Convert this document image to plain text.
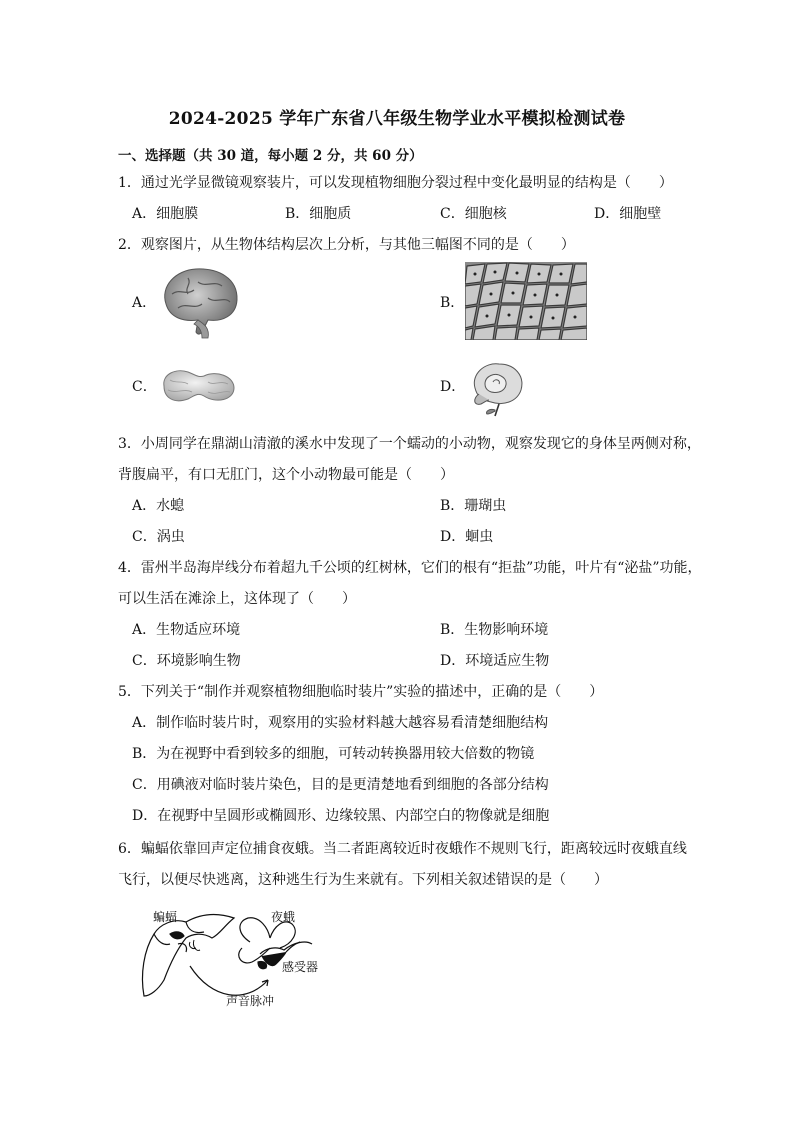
2024-2025 学年广东省八年级生物学业水平模拟检测试卷
一、选择题（共 30 道，每小题 2 分，共 60 分）
1．通过光学显微镜观察装片，可以发现植物细胞分裂过程中变化最明显的结构是（　　）
A．细胞膜	B．细胞质	C．细胞核	D．细胞壁
2．观察图片，从生物体结构层次上分析，与其他三幅图不同的是（　　）
A．	B．
C．	D．
3．小周同学在鼎湖山清澈的溪水中发现了一个蠕动的小动物，观察发现它的身体呈两侧对称，
背腹扁平，有口无肛门，这个小动物最可能是（　　）
A．水螅	B．珊瑚虫
C．涡虫	D．蛔虫
4．雷州半岛海岸线分布着超九千公顷的红树林，它们的根有“拒盐”功能，叶片有“泌盐”功能，
可以生活在滩涂上，这体现了（　　）
A．生物适应环境	B．生物影响环境
C．环境影响生物	D．环境适应生物
5．下列关于“制作并观察植物细胞临时装片”实验的描述中，正确的是（　　）
A．制作临时装片时，观察用的实验材料越大越容易看清楚细胞结构
B．为在视野中看到较多的细胞，可转动转换器用较大倍数的物镜
C．用碘液对临时装片染色，目的是更清楚地看到细胞的各部分结构
D．在视野中呈圆形或椭圆形、边缘较黑、内部空白的物像就是细胞
6．蝙蝠依靠回声定位捕食夜蛾。当二者距离较近时夜蛾作不规则飞行，距离较远时夜蛾直线
飞行，以便尽快逃离，这种逃生行为生来就有。下列相关叙述错误的是（　　）
蝙蝠	夜蛾
感受器
声音脉冲
